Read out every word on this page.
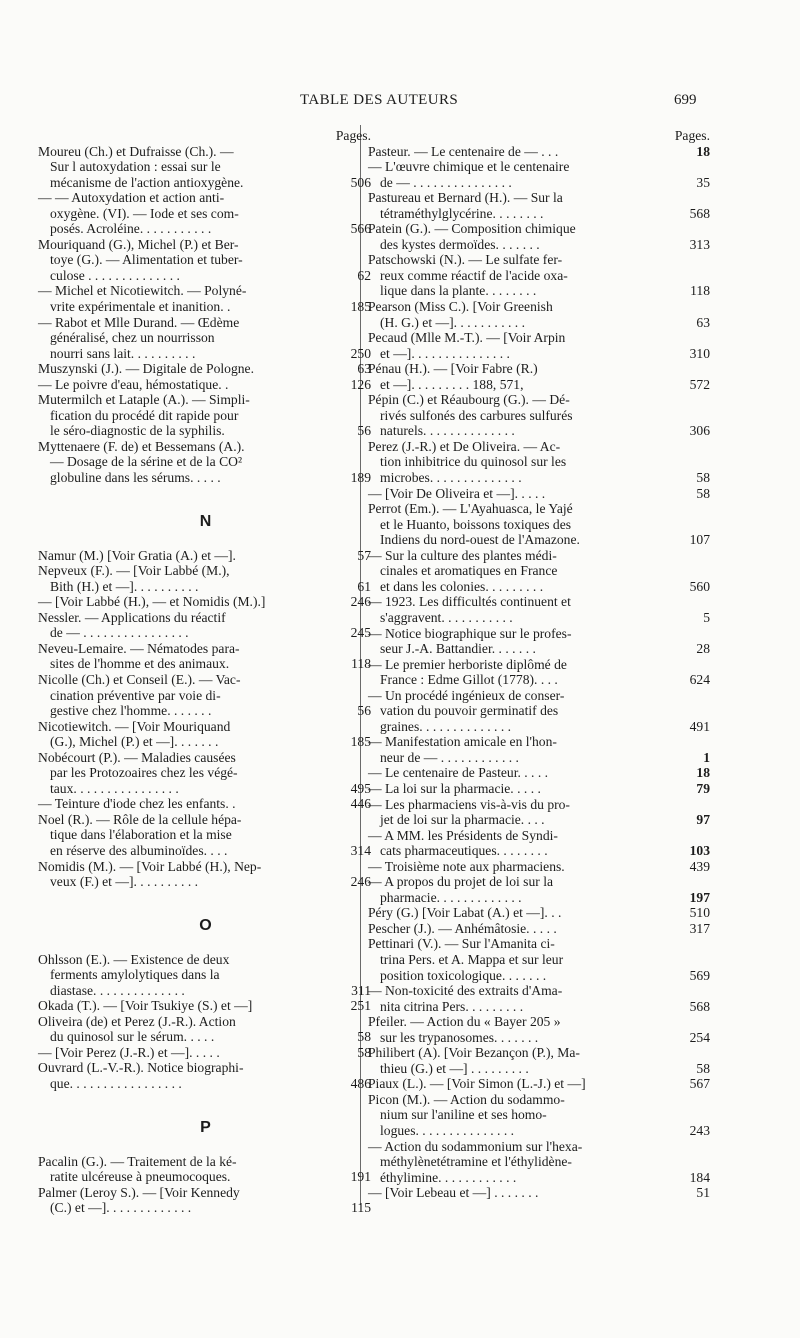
TABLE DES AUTEURS	699
Pages.
Moureu (Ch.) et Dufraisse (Ch.). —
Sur l autoxydation : essai sur le
mécanisme de l'action antioxygène.	506
— — Autoxydation et action anti-
oxygène. (VI). — Iode et ses com-
posés. Acroléine. . . . . . . . . . .	566
Mouriquand (G.), Michel (P.) et Ber-
toye (G.). — Alimentation et tuber-
culose . . . . . . . . . . . . . .	62
— Michel et Nicotiewitch. — Polyné-
vrite expérimentale et inanition. .	185
— Rabot et Mlle Durand. — Œdème
généralisé, chez un nourrisson
nourri sans lait. . . . . . . . . .	250
Muszynski (J.). — Digitale de Pologne.	63
— Le poivre d'eau, hémostatique. .	126
Mutermilch et Lataple (A.). — Simpli-
fication du procédé dit rapide pour
le séro-diagnostic de la syphilis.	56
Myttenaere (F. de) et Bessemans (A.).
— Dosage de la sérine et de la CO²
globuline dans les sérums. . . . .	189
N
Namur (M.) [Voir Gratia (A.) et —].	57
Nepveux (F.). — [Voir Labbé (M.),
Bith (H.) et —]. . . . . . . . . .	61
— [Voir Labbé (H.), — et Nomidis (M.).]	246
Nessler. — Applications du réactif
de — . . . . . . . . . . . . . . . .	245
Neveu-Lemaire. — Nématodes para-
sites de l'homme et des animaux.	118
Nicolle (Ch.) et Conseil (E.). — Vac-
cination préventive par voie di-
gestive chez l'homme. . . . . . .	56
Nicotiewitch. — [Voir Mouriquand
(G.), Michel (P.) et —]. . . . . . .	185
Nobécourt (P.). — Maladies causées
par les Protozoaires chez les végé-
taux. . . . . . . . . . . . . . . .	495
— Teinture d'iode chez les enfants. .	446
Noel (R.). — Rôle de la cellule hépa-
tique dans l'élaboration et la mise
en réserve des albuminoïdes. . . .	314
Nomidis (M.). — [Voir Labbé (H.), Nep-
veux (F.) et —]. . . . . . . . . .	246
O
Ohlsson (E.). — Existence de deux
ferments amylolytiques dans la
diastase. . . . . . . . . . . . . .	311
Okada (T.). — [Voir Tsukiye (S.) et —]	251
Oliveira (de) et Perez (J.-R.). Action
du quinosol sur le sérum. . . . .	58
— [Voir Perez (J.-R.) et —]. . . . .	58
Ouvrard (L.-V.-R.). Notice biographi-
que. . . . . . . . . . . . . . . . .	486
P
Pacalin (G.). — Traitement de la ké-
ratite ulcéreuse à pneumocoques.	191
Palmer (Leroy S.). — [Voir Kennedy
(C.) et —]. . . . . . . . . . . . .	115
Pages.
Pasteur. — Le centenaire de — . . .	18
— L'œuvre chimique et le centenaire
de — . . . . . . . . . . . . . . .	35
Pastureau et Bernard (H.). — Sur la
tétraméthylglycérine. . . . . . . .	568
Patein (G.). — Composition chimique
des kystes dermoïdes. . . . . . .	313
Patschowski (N.). — Le sulfate fer-
reux comme réactif de l'acide oxa-
lique dans la plante. . . . . . . .	118
Pearson (Miss C.). [Voir Greenish
(H. G.) et —]. . . . . . . . . . .	63
Pecaud (Mlle M.-T.). — [Voir Arpin
et —]. . . . . . . . . . . . . . .	310
Pénau (H.). — [Voir Fabre (R.)
et —]. . . . . . . . . 188, 571,	572
Pépin (C.) et Réaubourg (G.). — Dé-
rivés sulfonés des carbures sulfurés
naturels. . . . . . . . . . . . . .	306
Perez (J.-R.) et De Oliveira. — Ac-
tion inhibitrice du quinosol sur les
microbes. . . . . . . . . . . . . .	58
— [Voir De Oliveira et —]. . . . .	58
Perrot (Em.). — L'Ayahuasca, le Yajé
et le Huanto, boissons toxiques des
Indiens du nord-ouest de l'Amazone.	107
— Sur la culture des plantes médi-
cinales et aromatiques en France
et dans les colonies. . . . . . . . .	560
— 1923. Les difficultés continuent et
s'aggravent. . . . . . . . . . .	5
— Notice biographique sur le profes-
seur J.-A. Battandier. . . . . . .	28
— Le premier herboriste diplômé de
France : Edme Gillot (1778). . . .	624
— Un procédé ingénieux de conser-
vation du pouvoir germinatif des
graines. . . . . . . . . . . . . .	491
— Manifestation amicale en l'hon-
neur de — . . . . . . . . . . . .	1
— Le centenaire de Pasteur. . . . .	18
— La loi sur la pharmacie. . . . .	79
— Les pharmaciens vis-à-vis du pro-
jet de loi sur la pharmacie. . . .	97
— A MM. les Présidents de Syndi-
cats pharmaceutiques. . . . . . . .	103
— Troisième note aux pharmaciens.	439
— A propos du projet de loi sur la
pharmacie. . . . . . . . . . . . .	197
Péry (G.) [Voir Labat (A.) et —]. . .	510
Pescher (J.). — Anhémâtosie. . . . .	317
Pettinari (V.). — Sur l'Amanita ci-
trina Pers. et A. Mappa et sur leur
position toxicologique. . . . . . .	569
— Non-toxicité des extraits d'Ama-
nita citrina Pers. . . . . . . . .	568
Pfeiler. — Action du « Bayer 205 »
sur les trypanosomes. . . . . . .	254
Philibert (A). [Voir Bezançon (P.), Ma-
thieu (G.) et —] . . . . . . . . .	58
Piaux (L.). — [Voir Simon (L.-J.) et —]	567
Picon (M.). — Action du sodammo-
nium sur l'aniline et ses homo-
logues. . . . . . . . . . . . . . .	243
— Action du sodammonium sur l'hexa-
méthylènetétramine et l'éthylidène-
éthylimine. . . . . . . . . . . .	184
— [Voir Lebeau et —] . . . . . . .	51
